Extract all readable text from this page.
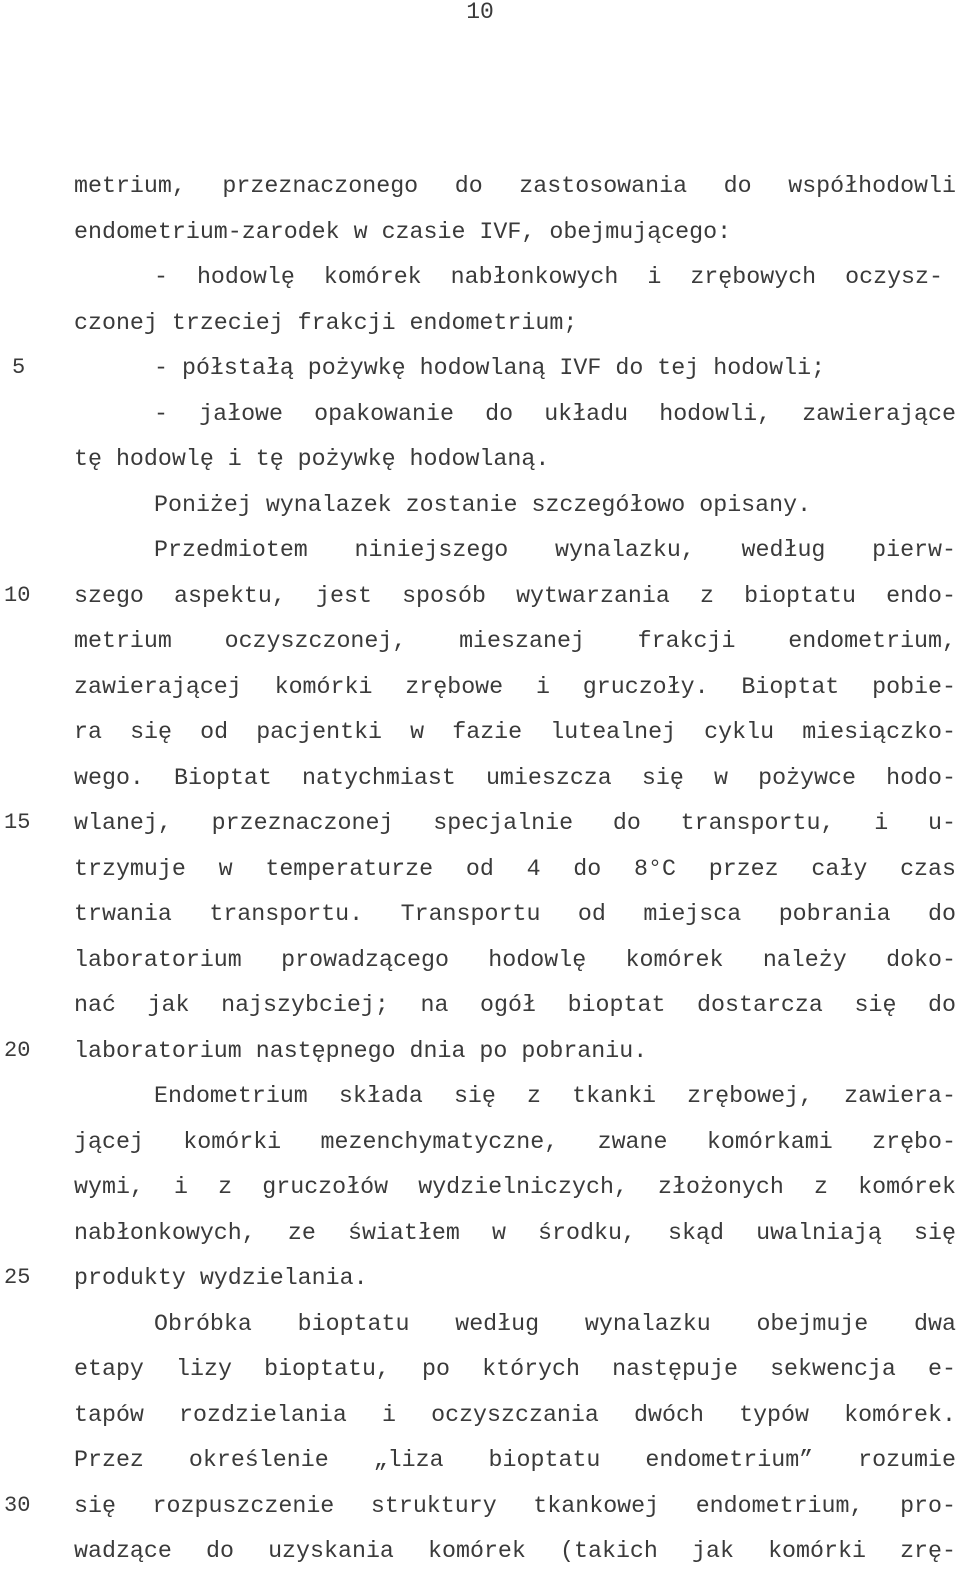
10
5
10
15
20
25
30
metrium, przeznaczonego do zastosowania do współhodowli
endometrium-zarodek w czasie IVF, obejmującego:
- hodowlę komórek nabłonkowych i zrębowych oczysz-
czonej trzeciej frakcji endometrium;
- półstałą pożywkę hodowlaną IVF do tej hodowli;
- jałowe opakowanie do układu hodowli, zawierające
tę hodowlę i tę pożywkę hodowlaną.
Poniżej wynalazek zostanie szczegółowo opisany.
Przedmiotem niniejszego wynalazku, według pierw-
szego aspektu, jest sposób wytwarzania z bioptatu endo-
metrium oczyszczonej, mieszanej frakcji endometrium,
zawierającej komórki zrębowe i gruczoły. Bioptat pobie-
ra się od pacjentki w fazie lutealnej cyklu miesiączko-
wego. Bioptat natychmiast umieszcza się w pożywce hodo-
wlanej, przeznaczonej specjalnie do transportu, i u-
trzymuje w temperaturze od 4 do 8°C przez cały czas
trwania transportu. Transportu od miejsca pobrania do
laboratorium prowadzącego hodowlę komórek należy doko-
nać jak najszybciej; na ogół bioptat dostarcza się do
laboratorium następnego dnia po pobraniu.
Endometrium składa się z tkanki zrębowej, zawiera-
jącej komórki mezenchymatyczne, zwane komórkami zrębo-
wymi, i z gruczołów wydzielniczych, złożonych z komórek
nabłonkowych, ze światłem w środku, skąd uwalniają się
produkty wydzielania.
Obróbka bioptatu według wynalazku obejmuje dwa
etapy lizy bioptatu, po których następuje sekwencja e-
tapów rozdzielania i oczyszczania dwóch typów komórek.
Przez określenie „liza bioptatu endometrium” rozumie
się rozpuszczenie struktury tkankowej endometrium, pro-
wadzące do uzyskania komórek (takich jak komórki zrę-
